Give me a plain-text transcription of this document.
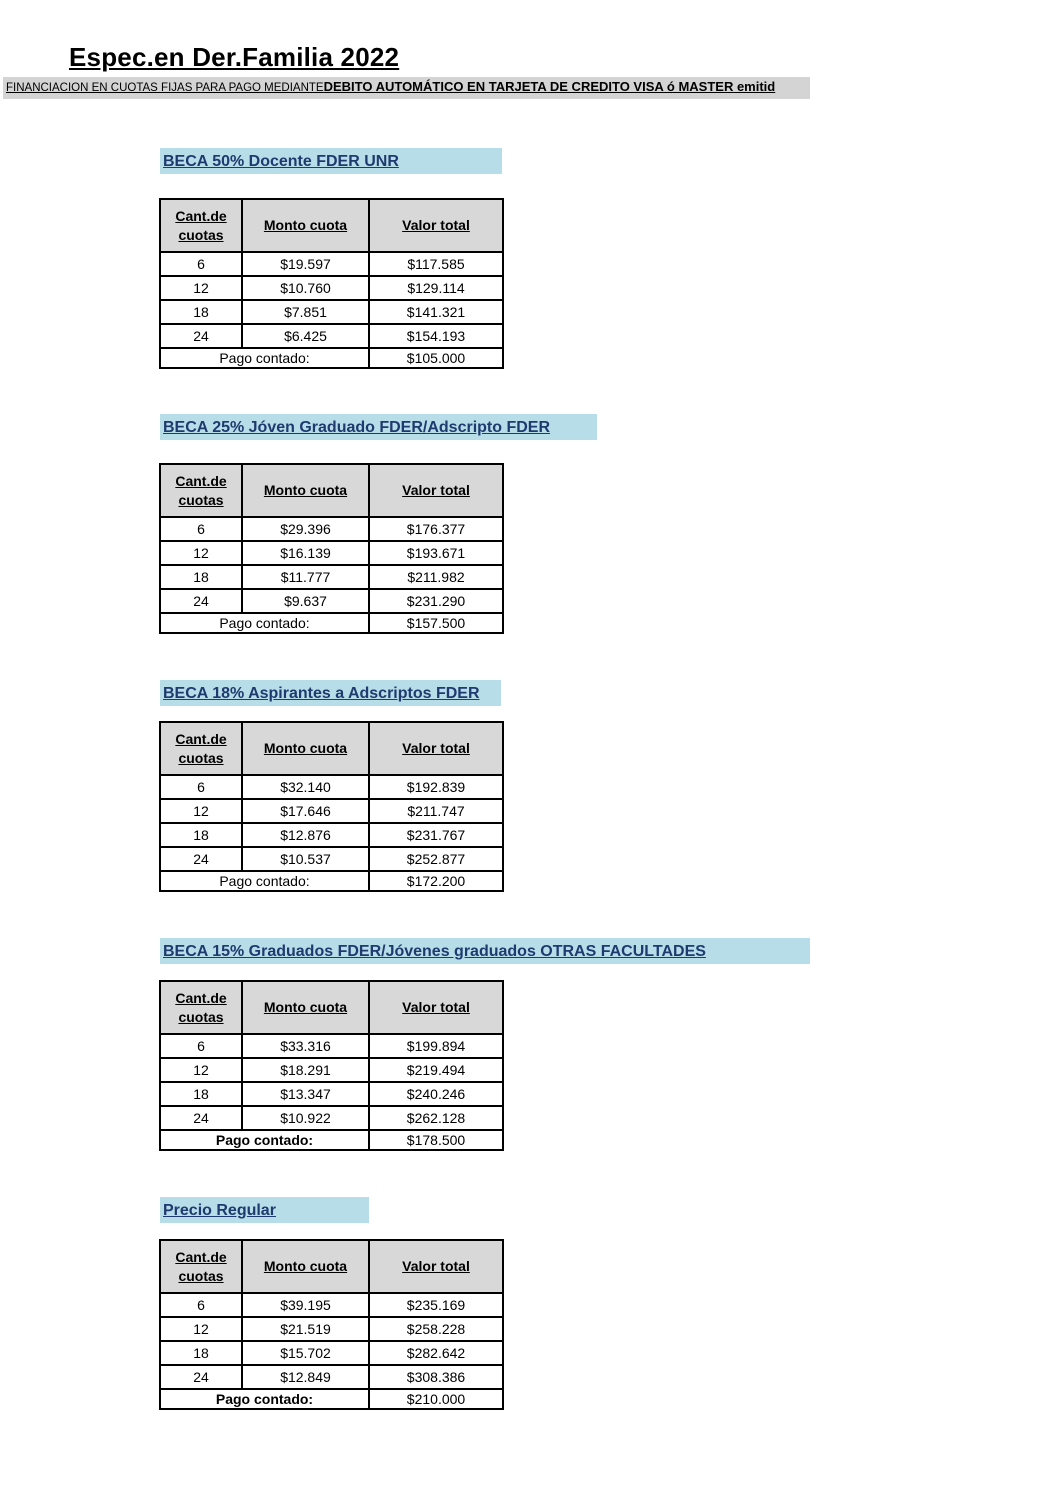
Espec.en Der.Familia 2022
FINANCIACION EN CUOTAS FIJAS PARA PAGO MEDIANTEDEBITO AUTOMÁTICO EN TARJETA DE CREDITO VISA ó MASTER emitid
BECA 50% Docente FDER UNR
Cant.de cuotas	Monto cuota	Valor total
6	$19.597	$117.585
12	$10.760	$129.114
18	$7.851	$141.321
24	$6.425	$154.193
Pago contado:		$105.000
BECA 25% Jóven Graduado FDER/Adscripto FDER
Cant.de cuotas	Monto cuota	Valor total
6	$29.396	$176.377
12	$16.139	$193.671
18	$11.777	$211.982
24	$9.637	$231.290
Pago contado:		$157.500
BECA 18% Aspirantes a Adscriptos FDER
Cant.de cuotas	Monto cuota	Valor total
6	$32.140	$192.839
12	$17.646	$211.747
18	$12.876	$231.767
24	$10.537	$252.877
Pago contado:		$172.200
BECA 15% Graduados FDER/Jóvenes graduados OTRAS FACULTADES
Cant.de cuotas	Monto cuota	Valor total
6	$33.316	$199.894
12	$18.291	$219.494
18	$13.347	$240.246
24	$10.922	$262.128
Pago contado:		$178.500
Precio Regular
Cant.de cuotas	Monto cuota	Valor total
6	$39.195	$235.169
12	$21.519	$258.228
18	$15.702	$282.642
24	$12.849	$308.386
Pago contado:		$210.000
